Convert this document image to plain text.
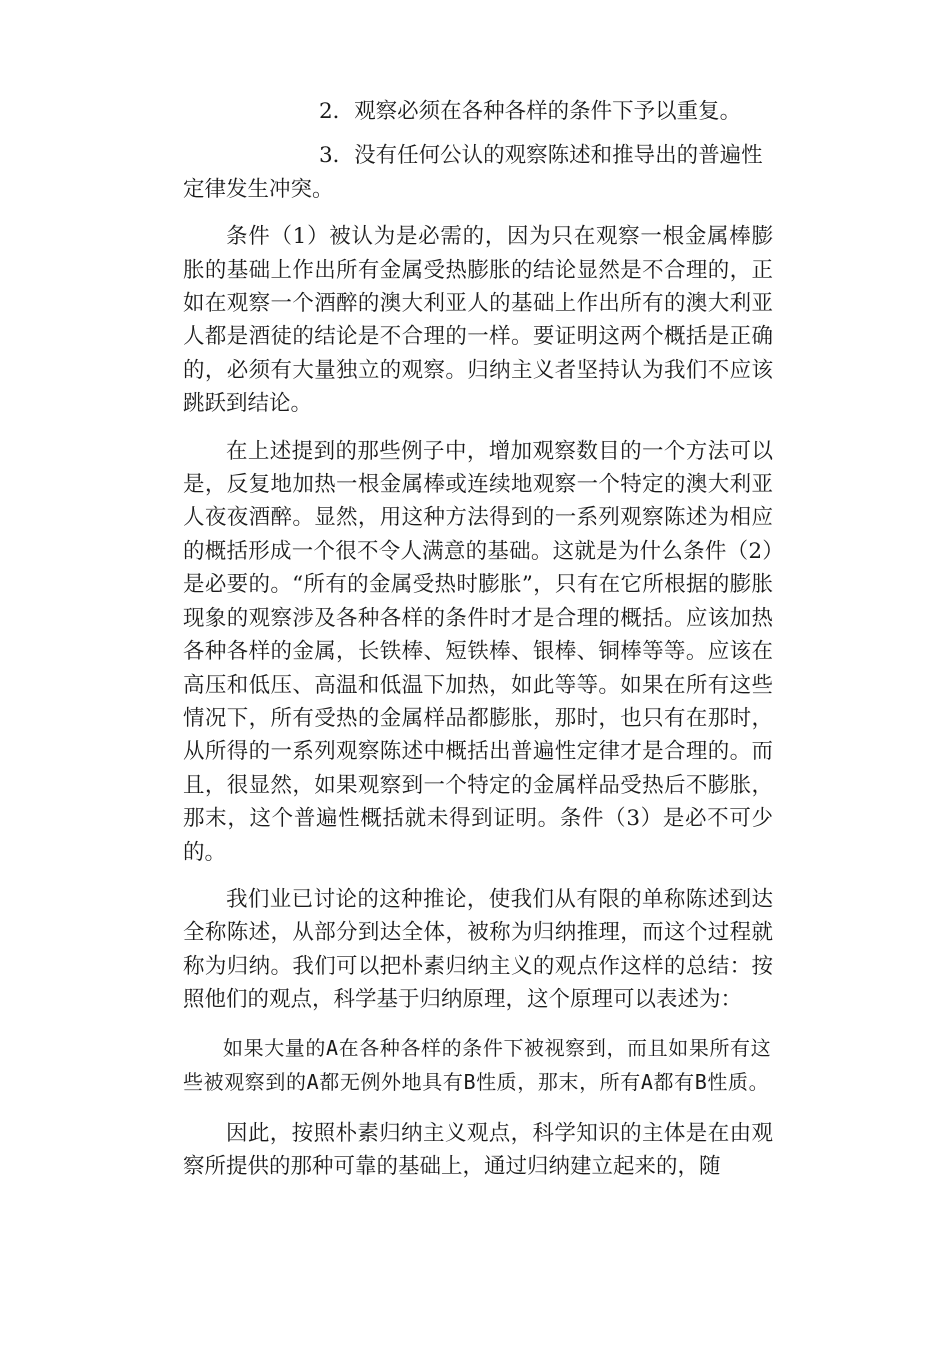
2．观察必须在各种各样的条件下予以重复。

3．没有任何公认的观察陈述和推导出的普遍性定律发生冲突。

条件（1）被认为是必需的，因为只在观察一根金属棒膨胀的基础上作出所有金属受热膨胀的结论显然是不合理的，正如在观察一个酒醉的澳大利亚人的基础上作出所有的澳大利亚人都是酒徒的结论是不合理的一样。要证明这两个概括是正确的，必须有大量独立的观察。归纳主义者坚持认为我们不应该跳跃到结论。

在上述提到的那些例子中，增加观察数目的一个方法可以是，反复地加热一根金属棒或连续地观察一个特定的澳大利亚人夜夜酒醉。显然，用这种方法得到的一系列观察陈述为相应的概括形成一个很不令人满意的基础。这就是为什么条件（2）是必要的。“所有的金属受热时膨胀”，只有在它所根据的膨胀现象的观察涉及各种各样的条件时才是合理的概括。应该加热各种各样的金属，长铁棒、短铁棒、银棒、铜棒等等。应该在高压和低压、高温和低温下加热，如此等等。如果在所有这些情况下，所有受热的金属样品都膨胀，那时，也只有在那时，从所得的一系列观察陈述中概括出普遍性定律才是合理的。而且，很显然，如果观察到一个特定的金属样品受热后不膨胀，那末，这个普遍性概括就未得到证明。条件（3）是必不可少的。

我们业已讨论的这种推论，使我们从有限的单称陈述到达全称陈述，从部分到达全体，被称为归纳推理，而这个过程就称为归纳。我们可以把朴素归纳主义的观点作这样的总结：按照他们的观点，科学基于归纳原理，这个原理可以表述为：

如果大量的A在各种各样的条件下被视察到，而且如果所有这些被观察到的A都无例外地具有B性质，那末，所有A都有B性质。

因此，按照朴素归纳主义观点，科学知识的主体是在由观察所提供的那种可靠的基础上，通过归纳建立起来的，随
